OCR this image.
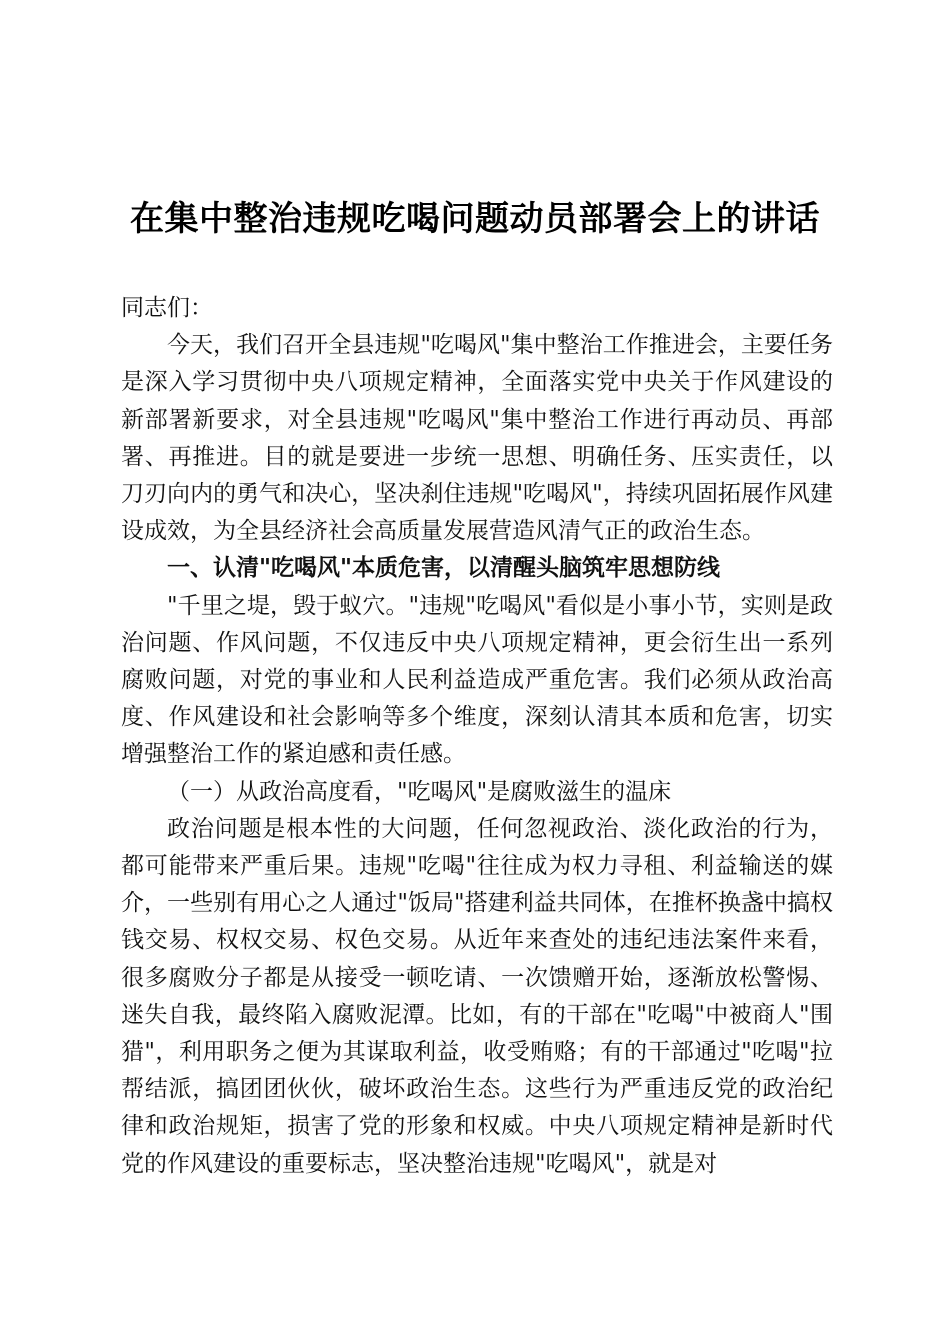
在集中整治违规吃喝问题动员部署会上的讲话

同志们：

今天，我们召开全县违规"吃喝风"集中整治工作推进会，主要任务是深入学习贯彻中央八项规定精神，全面落实党中央关于作风建设的新部署新要求，对全县违规"吃喝风"集中整治工作进行再动员、再部署、再推进。目的就是要进一步统一思想、明确任务、压实责任，以刀刃向内的勇气和决心，坚决刹住违规"吃喝风"，持续巩固拓展作风建设成效，为全县经济社会高质量发展营造风清气正的政治生态。

一、认清"吃喝风"本质危害，以清醒头脑筑牢思想防线

"千里之堤，毁于蚁穴。"违规"吃喝风"看似是小事小节，实则是政治问题、作风问题，不仅违反中央八项规定精神，更会衍生出一系列腐败问题，对党的事业和人民利益造成严重危害。我们必须从政治高度、作风建设和社会影响等多个维度，深刻认清其本质和危害，切实增强整治工作的紧迫感和责任感。

（一）从政治高度看，"吃喝风"是腐败滋生的温床

政治问题是根本性的大问题，任何忽视政治、淡化政治的行为，都可能带来严重后果。违规"吃喝"往往成为权力寻租、利益输送的媒介，一些别有用心之人通过"饭局"搭建利益共同体，在推杯换盏中搞权钱交易、权权交易、权色交易。从近年来查处的违纪违法案件来看，很多腐败分子都是从接受一顿吃请、一次馈赠开始，逐渐放松警惕、迷失自我，最终陷入腐败泥潭。比如，有的干部在"吃喝"中被商人"围猎"，利用职务之便为其谋取利益，收受贿赂；有的干部通过"吃喝"拉帮结派，搞团团伙伙，破坏政治生态。这些行为严重违反党的政治纪律和政治规矩，损害了党的形象和权威。中央八项规定精神是新时代党的作风建设的重要标志，坚决整治违规"吃喝风"，就是对
